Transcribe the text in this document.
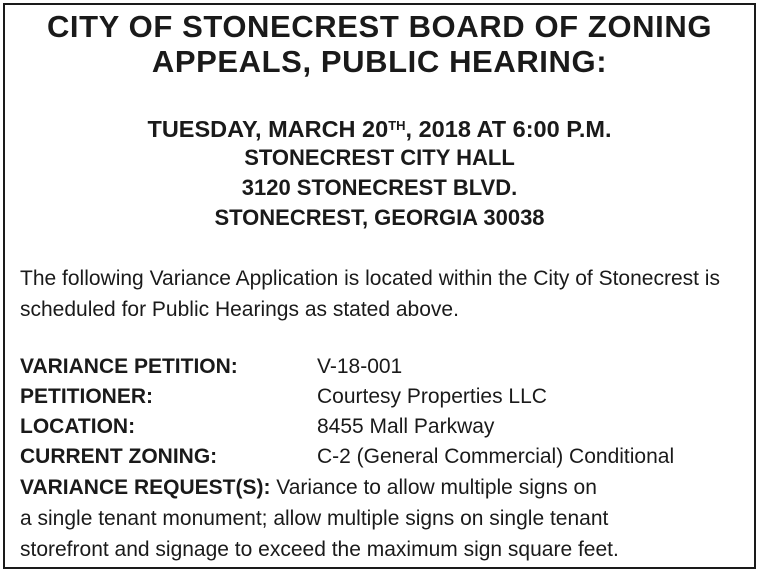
CITY OF STONECREST BOARD OF ZONING
APPEALS, PUBLIC HEARING:
TUESDAY, MARCH 20TH, 2018 AT 6:00 P.M.
STONECREST CITY HALL
3120 STONECREST BLVD.
STONECREST, GEORGIA 30038
The following Variance Application is located within the City of Stonecrest is scheduled for Public Hearings as stated above.
VARIANCE PETITION:	V-18-001
PETITIONER:	Courtesy Properties LLC
LOCATION:	8455 Mall Parkway
CURRENT ZONING:	C-2 (General Commercial) Conditional
VARIANCE REQUEST(S): Variance to allow multiple signs on
a single tenant monument; allow multiple signs on single tenant
storefront and signage to exceed the maximum sign square feet.
